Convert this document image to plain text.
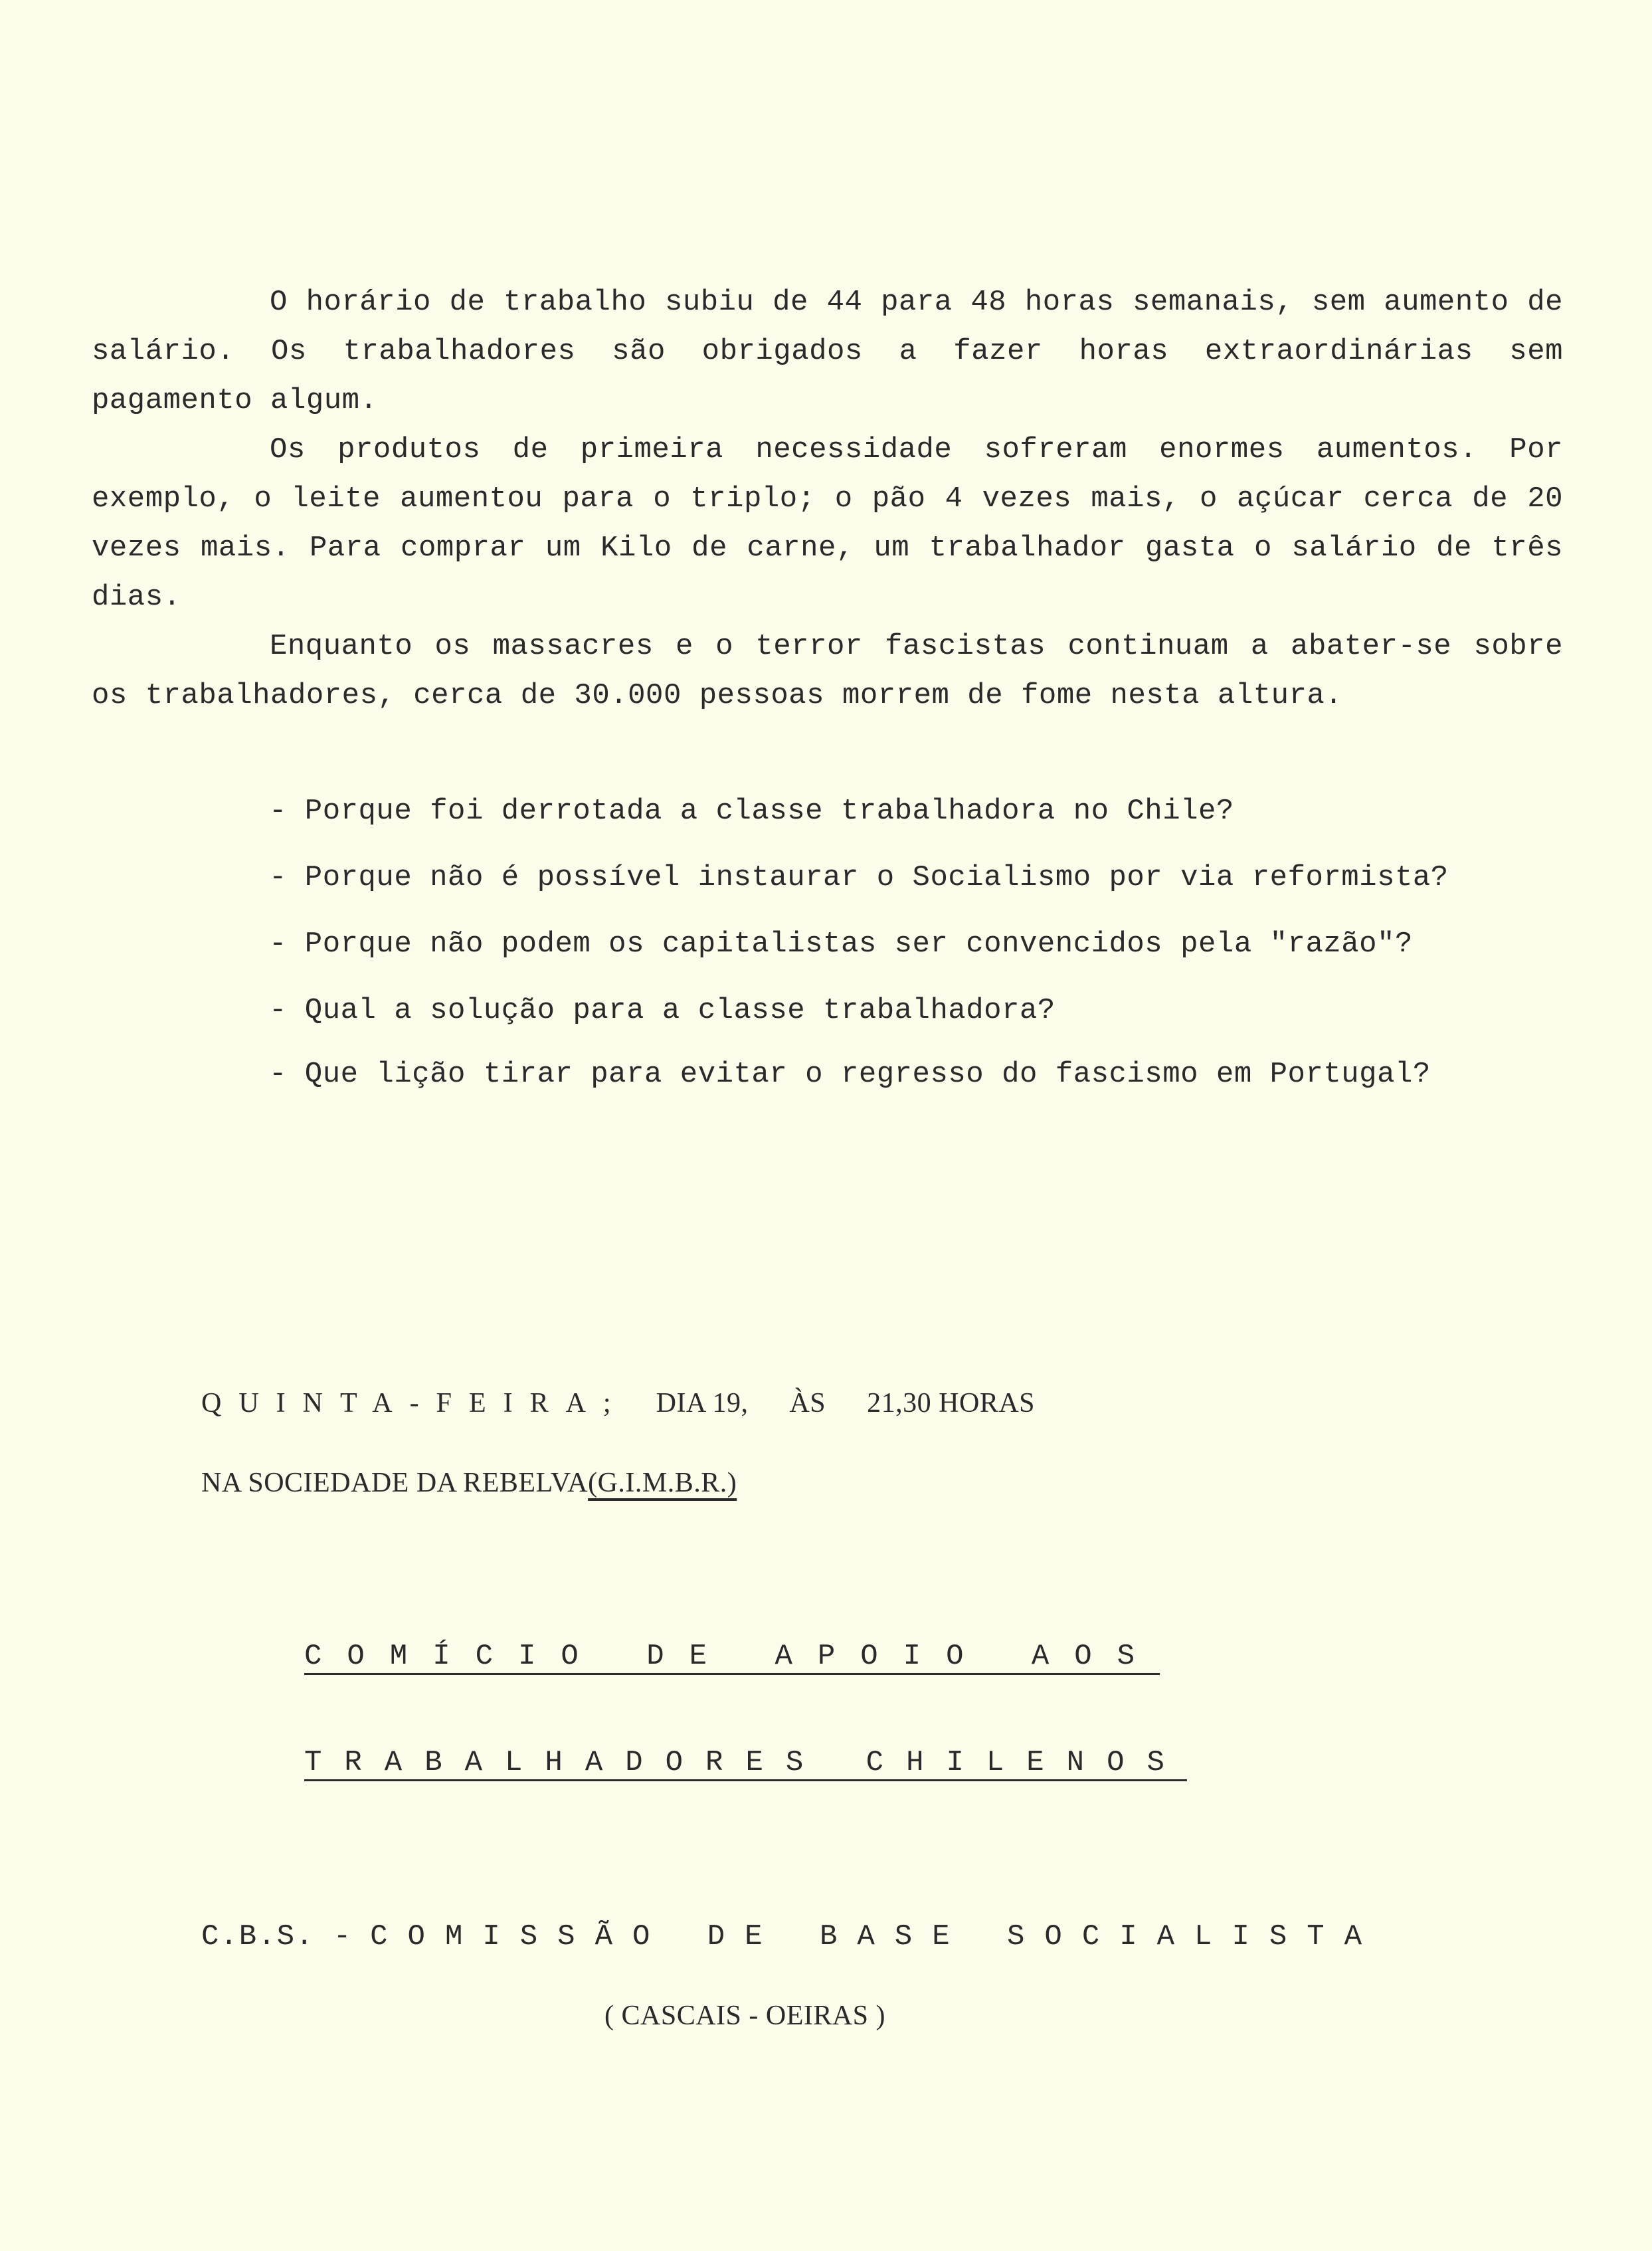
O horário de trabalho subiu de 44 para 48 horas semanais, sem aumento de salário. Os trabalhadores são obrigados a fazer horas extraordinárias sem pagamento algum.
Os produtos de primeira necessidade sofreram enormes aumentos. Por exemplo, o leite aumentou para o triplo; o pão 4 vezes mais, o açúcar cerca de 20 vezes mais. Para comprar um Kilo de carne, um trabalhador gasta o salário de três dias.
Enquanto os massacres e o terror fascistas continuam a abater-se sobre os trabalhadores, cerca de 30.000 pessoas morrem de fome nesta altura.
- Porque foi derrotada a classe trabalhadora no Chile?
- Porque não é possível instaurar o Socialismo por via reformista?
- Porque não podem os capitalistas ser convencidos pela "razão"?
- Qual a solução para a classe trabalhadora?
- Que lição tirar para evitar o regresso do fascismo em Portugal?
QUINTA-FEIRA; DIA 19, ÀS 21,30 HORAS
NA SOCIEDADE DA REBELVA(G.I.M.B.R.)
COMÍCIO DE APOIO AOS
TRABALHADORES CHILENOS
C.B.S. - COMISSÃO DE BASE SOCIALISTA
( CASCAIS - OEIRAS )
